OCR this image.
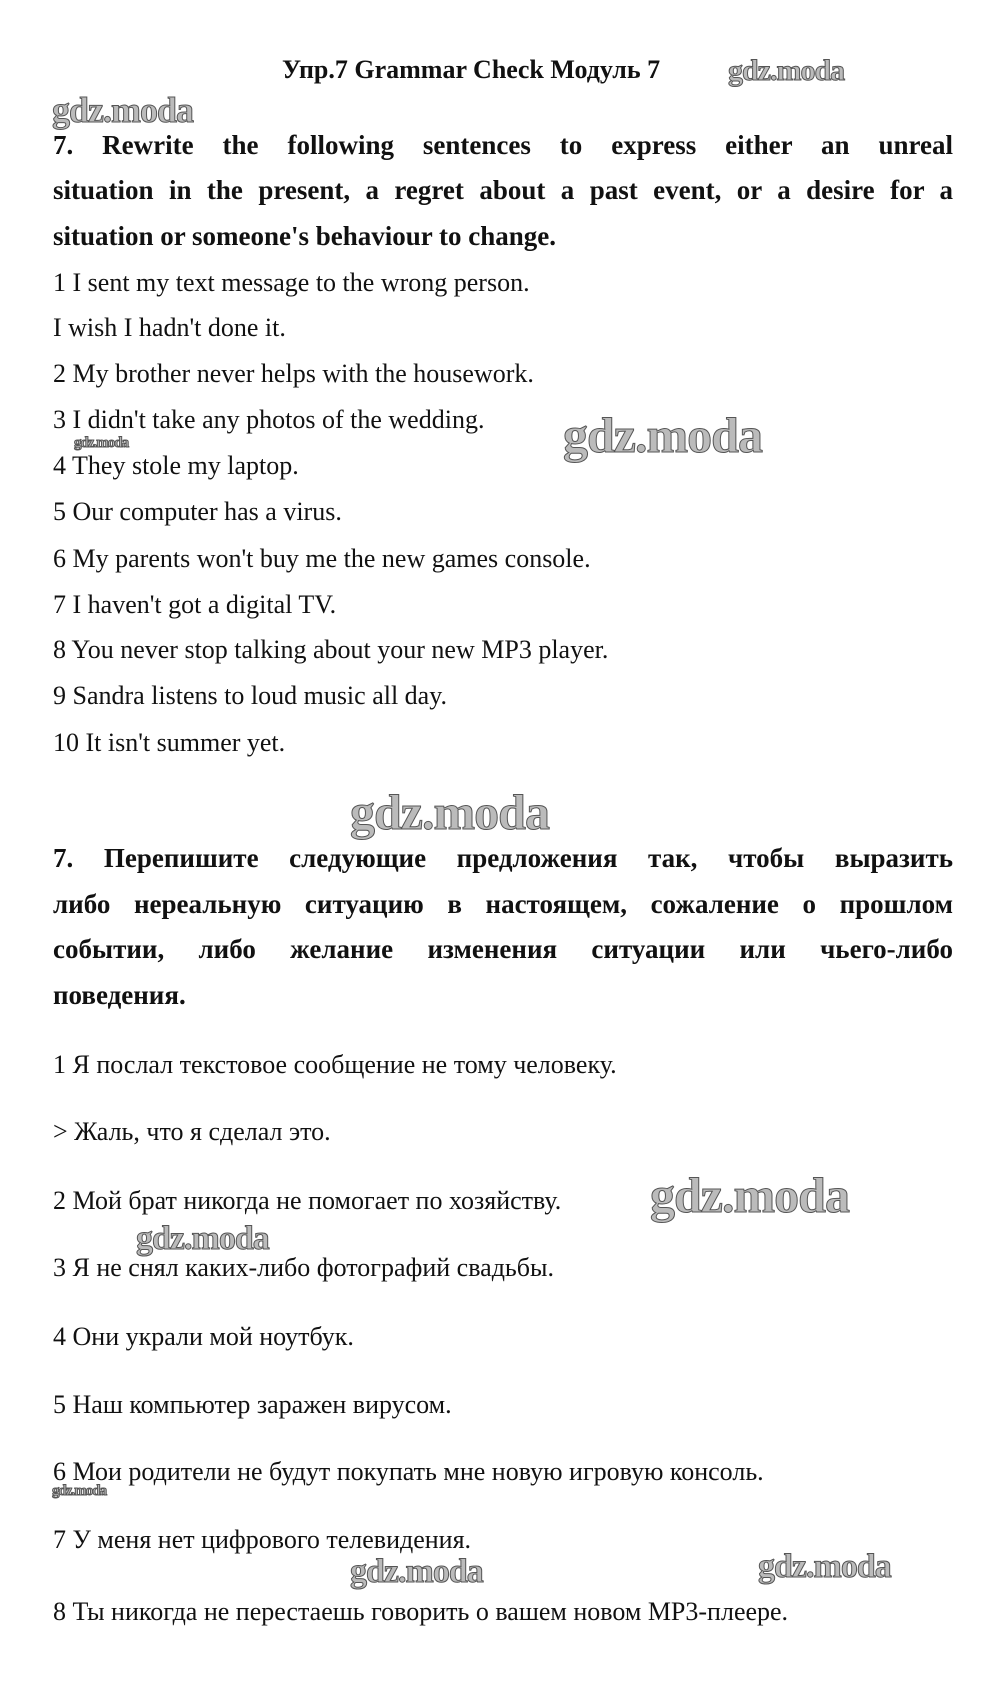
Упр.7 Grammar Check Модуль 7 gdz.moda
gdz.moda
gdz.moda	gdz.moda
gdz.moda
gdz.moda
gdz.moda
gdz.moda
gdz.moda	gdz.moda
7. Rewrite the following sentences to express either an unreal
situation in the present, a regret about a past event, or a desire for a
situation or someone's behaviour to change.
1 I sent my text message to the wrong person.
I wish I hadn't done it.
2 My brother never helps with the housework.
3 I didn't take any photos of the wedding.
4 They stole my laptop.
5 Our computer has a virus.
6 My parents won't buy me the new games console.
7 I haven't got a digital TV.
8 You never stop talking about your new MP3 player.
9 Sandra listens to loud music all day.
10 It isn't summer yet.
7. Перепишите следующие предложения так, чтобы выразить
либо нереальную ситуацию в настоящем, сожаление о прошлом
событии, либо желание изменения ситуации или чьего-либо
поведения.
1 Я послал текстовое сообщение не тому человеку.
> Жаль, что я сделал это.
2 Мой брат никогда не помогает по хозяйству.
3 Я не снял каких-либо фотографий свадьбы.
4 Они украли мой ноутбук.
5 Наш компьютер заражен вирусом.
6 Мои родители не будут покупать мне новую игровую консоль.
7 У меня нет цифрового телевидения.
8 Ты никогда не перестаешь говорить о вашем новом MP3-плеере.
